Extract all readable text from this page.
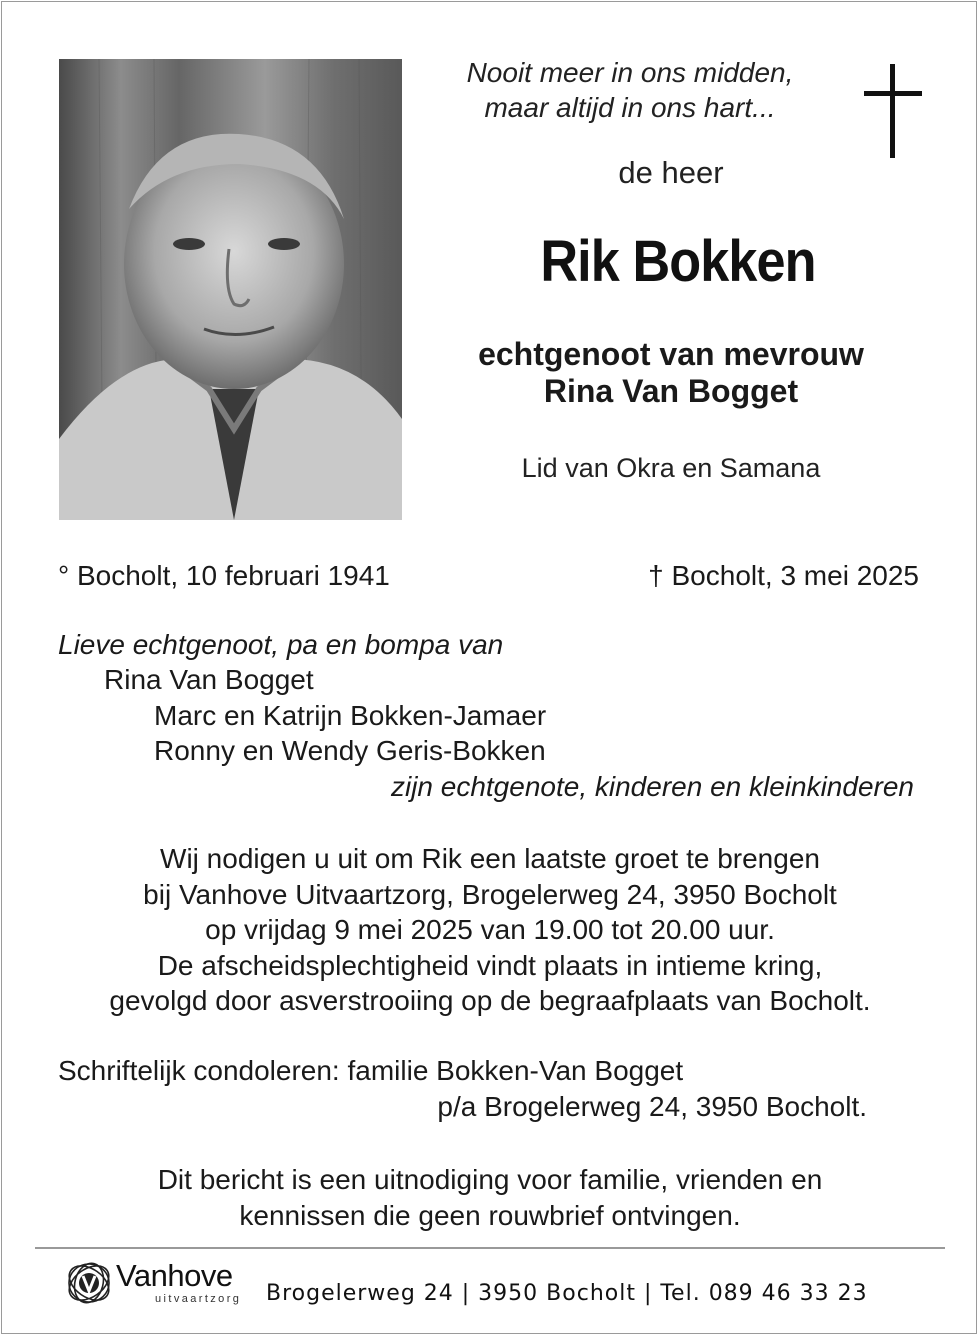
Nooit meer in ons midden,
maar altijd in ons hart...
de heer
Rik Bokken
echtgenoot van mevrouw
Rina Van Bogget
Lid van Okra en Samana
° Bocholt, 10 februari 1941	† Bocholt, 3 mei 2025
Lieve echtgenoot, pa en bompa van
Rina Van Bogget
Marc en Katrijn Bokken-Jamaer
Ronny en Wendy Geris-Bokken
zijn echtgenote, kinderen en kleinkinderen
Wij nodigen u uit om Rik een laatste groet te brengen
bij Vanhove Uitvaartzorg, Brogelerweg 24, 3950 Bocholt
op vrijdag 9 mei 2025 van 19.00 tot 20.00 uur.
De afscheidsplechtigheid vindt plaats in intieme kring,
gevolgd door asverstrooiing op de begraafplaats van Bocholt.
Schriftelijk condoleren: familie Bokken-Van Bogget
p/a Brogelerweg 24, 3950 Bocholt.
Dit bericht is een uitnodiging voor familie, vrienden en
kennissen die geen rouwbrief ontvingen.
Vanhove
uitvaartzorg Brogelerweg 24 | 3950 Bocholt | Tel. 089 46 33 23
